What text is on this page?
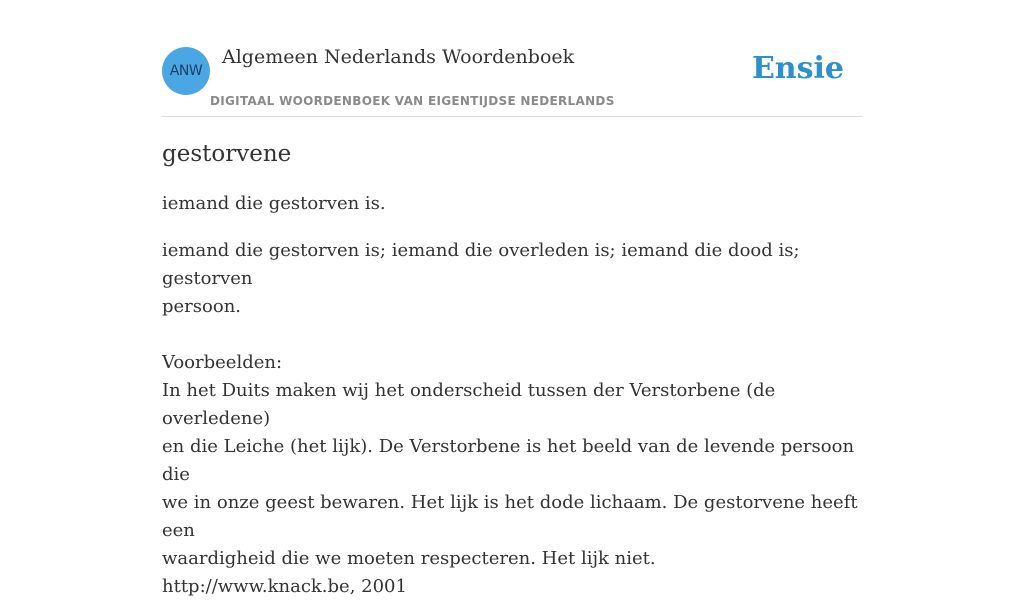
ANW
Algemeen Nederlands Woordenboek
DIGITAAL WOORDENBOEK VAN EIGENTIJDSE NEDERLANDS
Ensie
gestorvene

iemand die gestorven is.

iemand die gestorven is; iemand die overleden is; iemand die dood is; gestorven
persoon.
Voorbeelden:
In het Duits maken wij het onderscheid tussen der Verstorbene (de overledene)
en die Leiche (het lijk). De Verstorbene is het beeld van de levende persoon die
we in onze geest bewaren. Het lijk is het dode lichaam. De gestorvene heeft een
waardigheid die we moeten respecteren. Het lijk niet.
http://www.knack.be, 2001
